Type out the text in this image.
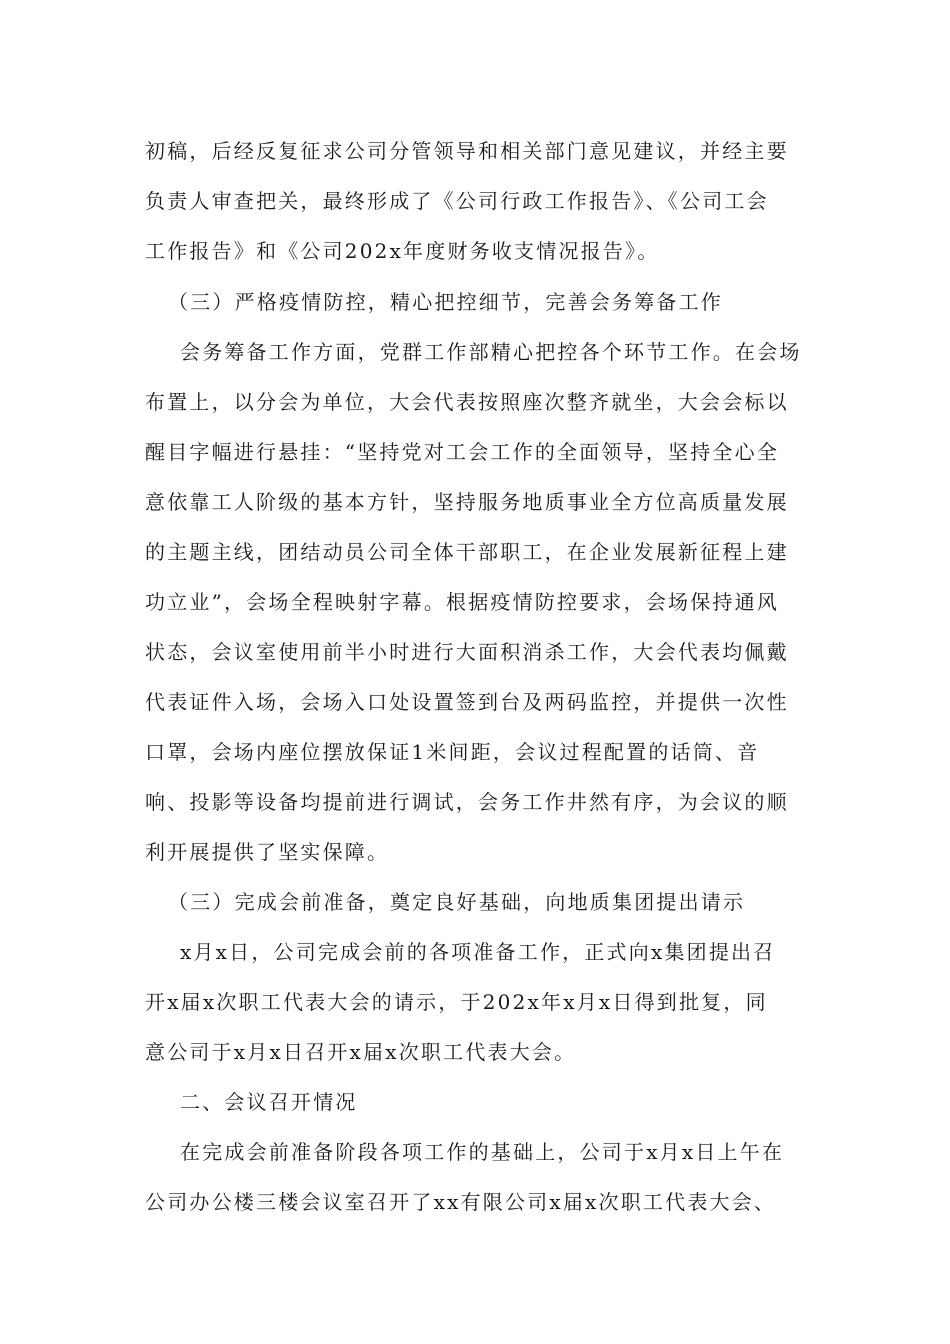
初稿，后经反复征求公司分管领导和相关部门意见建议，并经主要
负责人审查把关，最终形成了《公司行政工作报告》、《公司工会
工作报告》和《公司202x年度财务收支情况报告》。
（三）严格疫情防控，精心把控细节，完善会务筹备工作
会务筹备工作方面，党群工作部精心把控各个环节工作。在会场
布置上，以分会为单位，大会代表按照座次整齐就坐，大会会标以
醒目字幅进行悬挂：“坚持党对工会工作的全面领导，坚持全心全
意依靠工人阶级的基本方针，坚持服务地质事业全方位高质量发展
的主题主线，团结动员公司全体干部职工，在企业发展新征程上建
功立业”，会场全程映射字幕。根据疫情防控要求，会场保持通风
状态，会议室使用前半小时进行大面积消杀工作，大会代表均佩戴
代表证件入场，会场入口处设置签到台及两码监控，并提供一次性
口罩，会场内座位摆放保证1米间距，会议过程配置的话筒、音
响、投影等设备均提前进行调试，会务工作井然有序，为会议的顺
利开展提供了坚实保障。
（三）完成会前准备，奠定良好基础，向地质集团提出请示
x月x日，公司完成会前的各项准备工作，正式向x集团提出召
开x届x次职工代表大会的请示，于202x年x月x日得到批复，同
意公司于x月x日召开x届x次职工代表大会。
二、会议召开情况
在完成会前准备阶段各项工作的基础上，公司于x月x日上午在
公司办公楼三楼会议室召开了xx有限公司x届x次职工代表大会、
